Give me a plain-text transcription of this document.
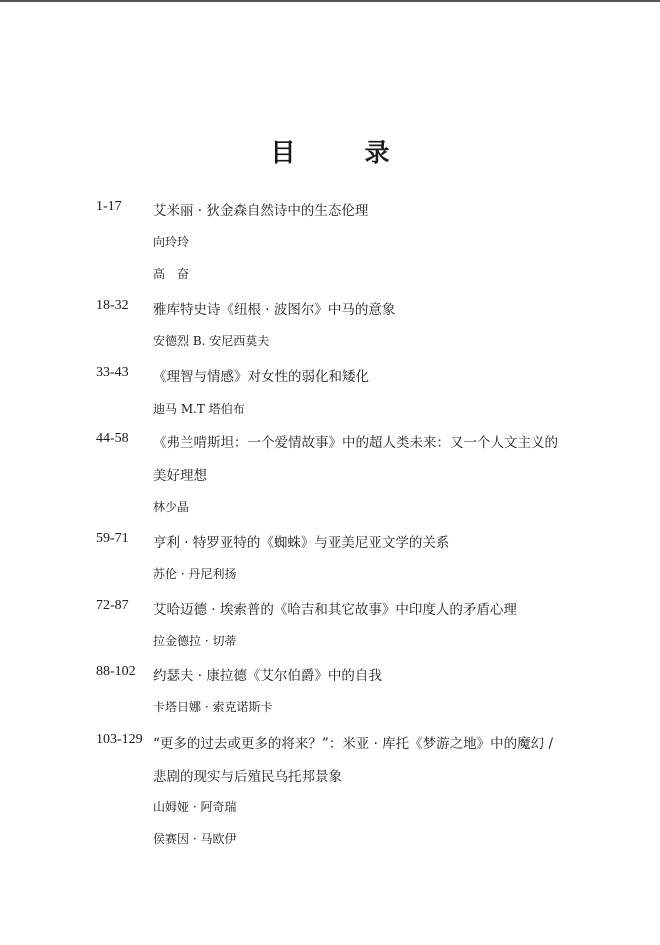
目　录
1-17 艾米丽 · 狄金森自然诗中的生态伦理
向玲玲
高　奋
18-32 雅库特史诗《纽根 · 波图尔》中马的意象
安德烈 B. 安尼西莫夫
33-43 《理智与情感》对女性的弱化和矮化
迪马 M.T 塔伯布
44-58 《弗兰啃斯坦：一个爱情故事》中的超人类未来：又一个人文主义的
美好理想
林少晶
59-71 亨利 · 特罗亚特的《蜘蛛》与亚美尼亚文学的关系
苏伦 · 丹尼利扬
72-87 艾哈迈德 · 埃索普的《哈吉和其它故事》中印度人的矛盾心理
拉金德拉 · 切蒂
88-102 约瑟夫 · 康拉德《艾尔伯爵》中的自我
卡塔日娜 · 索克诺斯卡
103-129 “更多的过去或更多的将来？”：米亚 · 库托《梦游之地》中的魔幻 /
悲剧的现实与后殖民乌托邦景象
山姆娅 · 阿奇瑞
侯赛因 · 马欧伊
